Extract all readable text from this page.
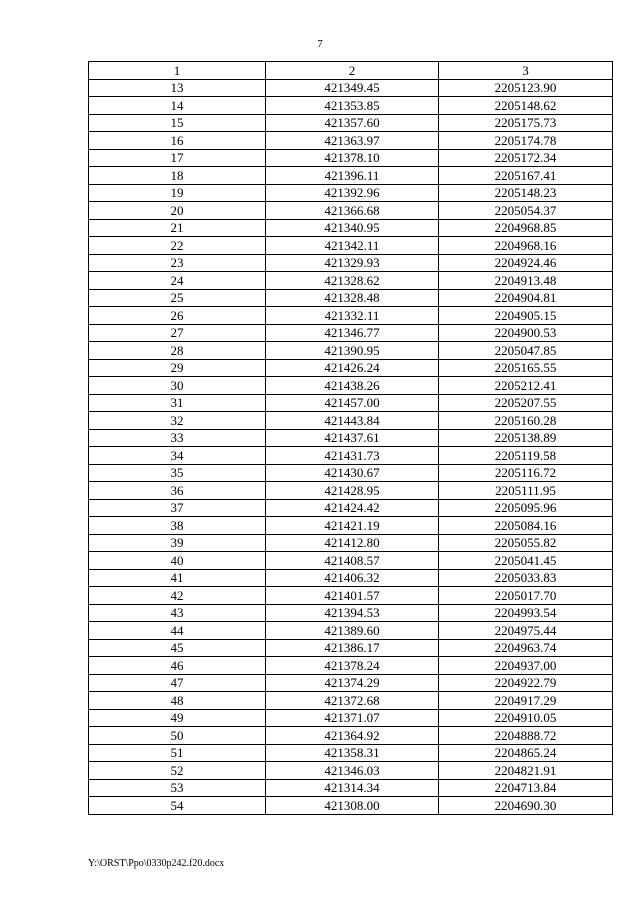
7
1	2	3
13	421349.45	2205123.90
14	421353.85	2205148.62
15	421357.60	2205175.73
16	421363.97	2205174.78
17	421378.10	2205172.34
18	421396.11	2205167.41
19	421392.96	2205148.23
20	421366.68	2205054.37
21	421340.95	2204968.85
22	421342.11	2204968.16
23	421329.93	2204924.46
24	421328.62	2204913.48
25	421328.48	2204904.81
26	421332.11	2204905.15
27	421346.77	2204900.53
28	421390.95	2205047.85
29	421426.24	2205165.55
30	421438.26	2205212.41
31	421457.00	2205207.55
32	421443.84	2205160.28
33	421437.61	2205138.89
34	421431.73	2205119.58
35	421430.67	2205116.72
36	421428.95	2205111.95
37	421424.42	2205095.96
38	421421.19	2205084.16
39	421412.80	2205055.82
40	421408.57	2205041.45
41	421406.32	2205033.83
42	421401.57	2205017.70
43	421394.53	2204993.54
44	421389.60	2204975.44
45	421386.17	2204963.74
46	421378.24	2204937.00
47	421374.29	2204922.79
48	421372.68	2204917.29
49	421371.07	2204910.05
50	421364.92	2204888.72
51	421358.31	2204865.24
52	421346.03	2204821.91
53	421314.34	2204713.84
54	421308.00	2204690.30
Y:\ORST\Ppo\0330p242.f20.docx
